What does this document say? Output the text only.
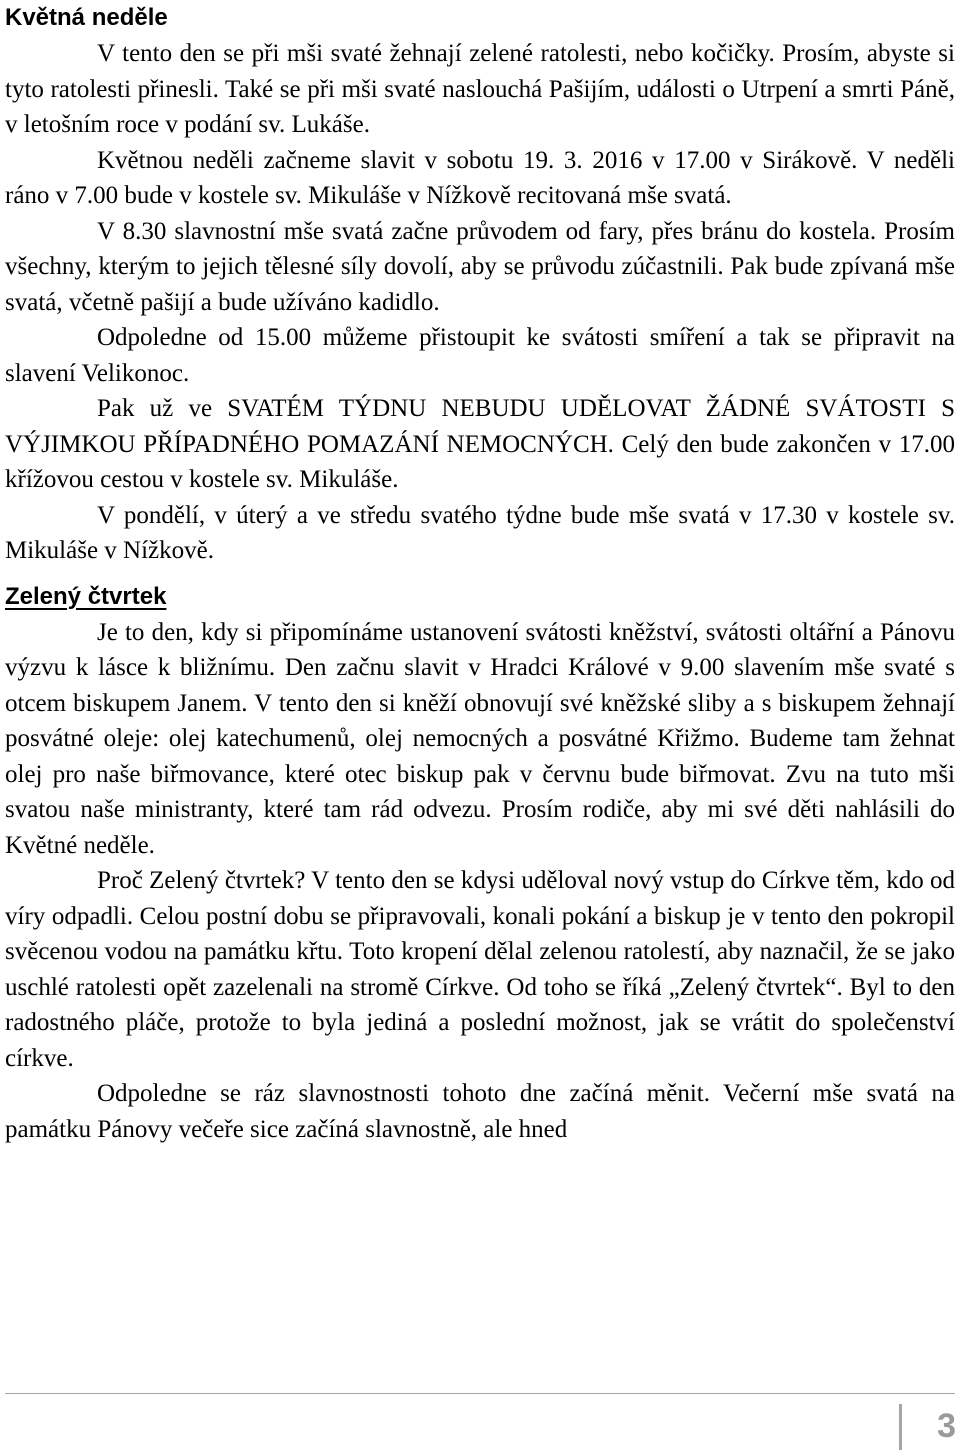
Květná neděle

V tento den se při mši svaté žehnají zelené ratolesti, nebo kočičky. Prosím, abyste si tyto ratolesti přinesli. Také se při mši svaté naslouchá Pašijím, události o Utrpení a smrti Páně, v letošním roce v podání sv. Lukáše.

Květnou neděli začneme slavit v sobotu 19. 3. 2016 v 17.00 v Sirákově. V neděli ráno v 7.00 bude v kostele sv. Mikuláše v Nížkově recitovaná mše svatá.

V 8.30 slavnostní mše svatá začne průvodem od fary, přes bránu do kostela. Prosím všechny, kterým to jejich tělesné síly dovolí, aby se průvodu zúčastnili. Pak bude zpívaná mše svatá, včetně pašijí a bude užíváno kadidlo.

Odpoledne od 15.00 můžeme přistoupit ke svátosti smíření a tak se připravit na slavení Velikonoc.

Pak už ve SVATÉM TÝDNU NEBUDU UDĚLOVAT ŽÁDNÉ SVÁTOSTI S VÝJIMKOU PŘÍPADNÉHO POMAZÁNÍ NEMOCNÝCH. Celý den bude zakončen v 17.00 křížovou cestou v kostele sv. Mikuláše.

V pondělí, v úterý a ve středu svatého týdne bude mše svatá v 17.30 v kostele sv. Mikuláše v Nížkově.

Zelený čtvrtek

Je to den, kdy si připomínáme ustanovení svátosti kněžství, svátosti oltářní a Pánovu výzvu k lásce k bližnímu. Den začnu slavit v Hradci Králové v 9.00 slavením mše svaté s otcem biskupem Janem. V tento den si kněží obnovují své kněžské sliby a s biskupem žehnají posvátné oleje: olej katechumenů, olej nemocných a posvátné Křižmo. Budeme tam žehnat olej pro naše biřmovance, které otec biskup pak v červnu bude biřmovat. Zvu na tuto mši svatou naše ministranty, které tam rád odvezu. Prosím rodiče, aby mi své děti nahlásili do Květné neděle.

Proč Zelený čtvrtek? V tento den se kdysi uděloval nový vstup do Církve těm, kdo od víry odpadli. Celou postní dobu se připravovali, konali pokání a biskup je v tento den pokropil svěcenou vodou na památku křtu. Toto kropení dělal zelenou ratolestí, aby naznačil, že se jako uschlé ratolesti opět zazelenali na stromě Církve. Od toho se říká „Zelený čtvrtek“. Byl to den radostného pláče, protože to byla jediná a poslední možnost, jak se vrátit do společenství církve.

Odpoledne se ráz slavnostnosti tohoto dne začíná měnit. Večerní mše svatá na památku Pánovy večeře sice začíná slavnostně, ale hned

3
